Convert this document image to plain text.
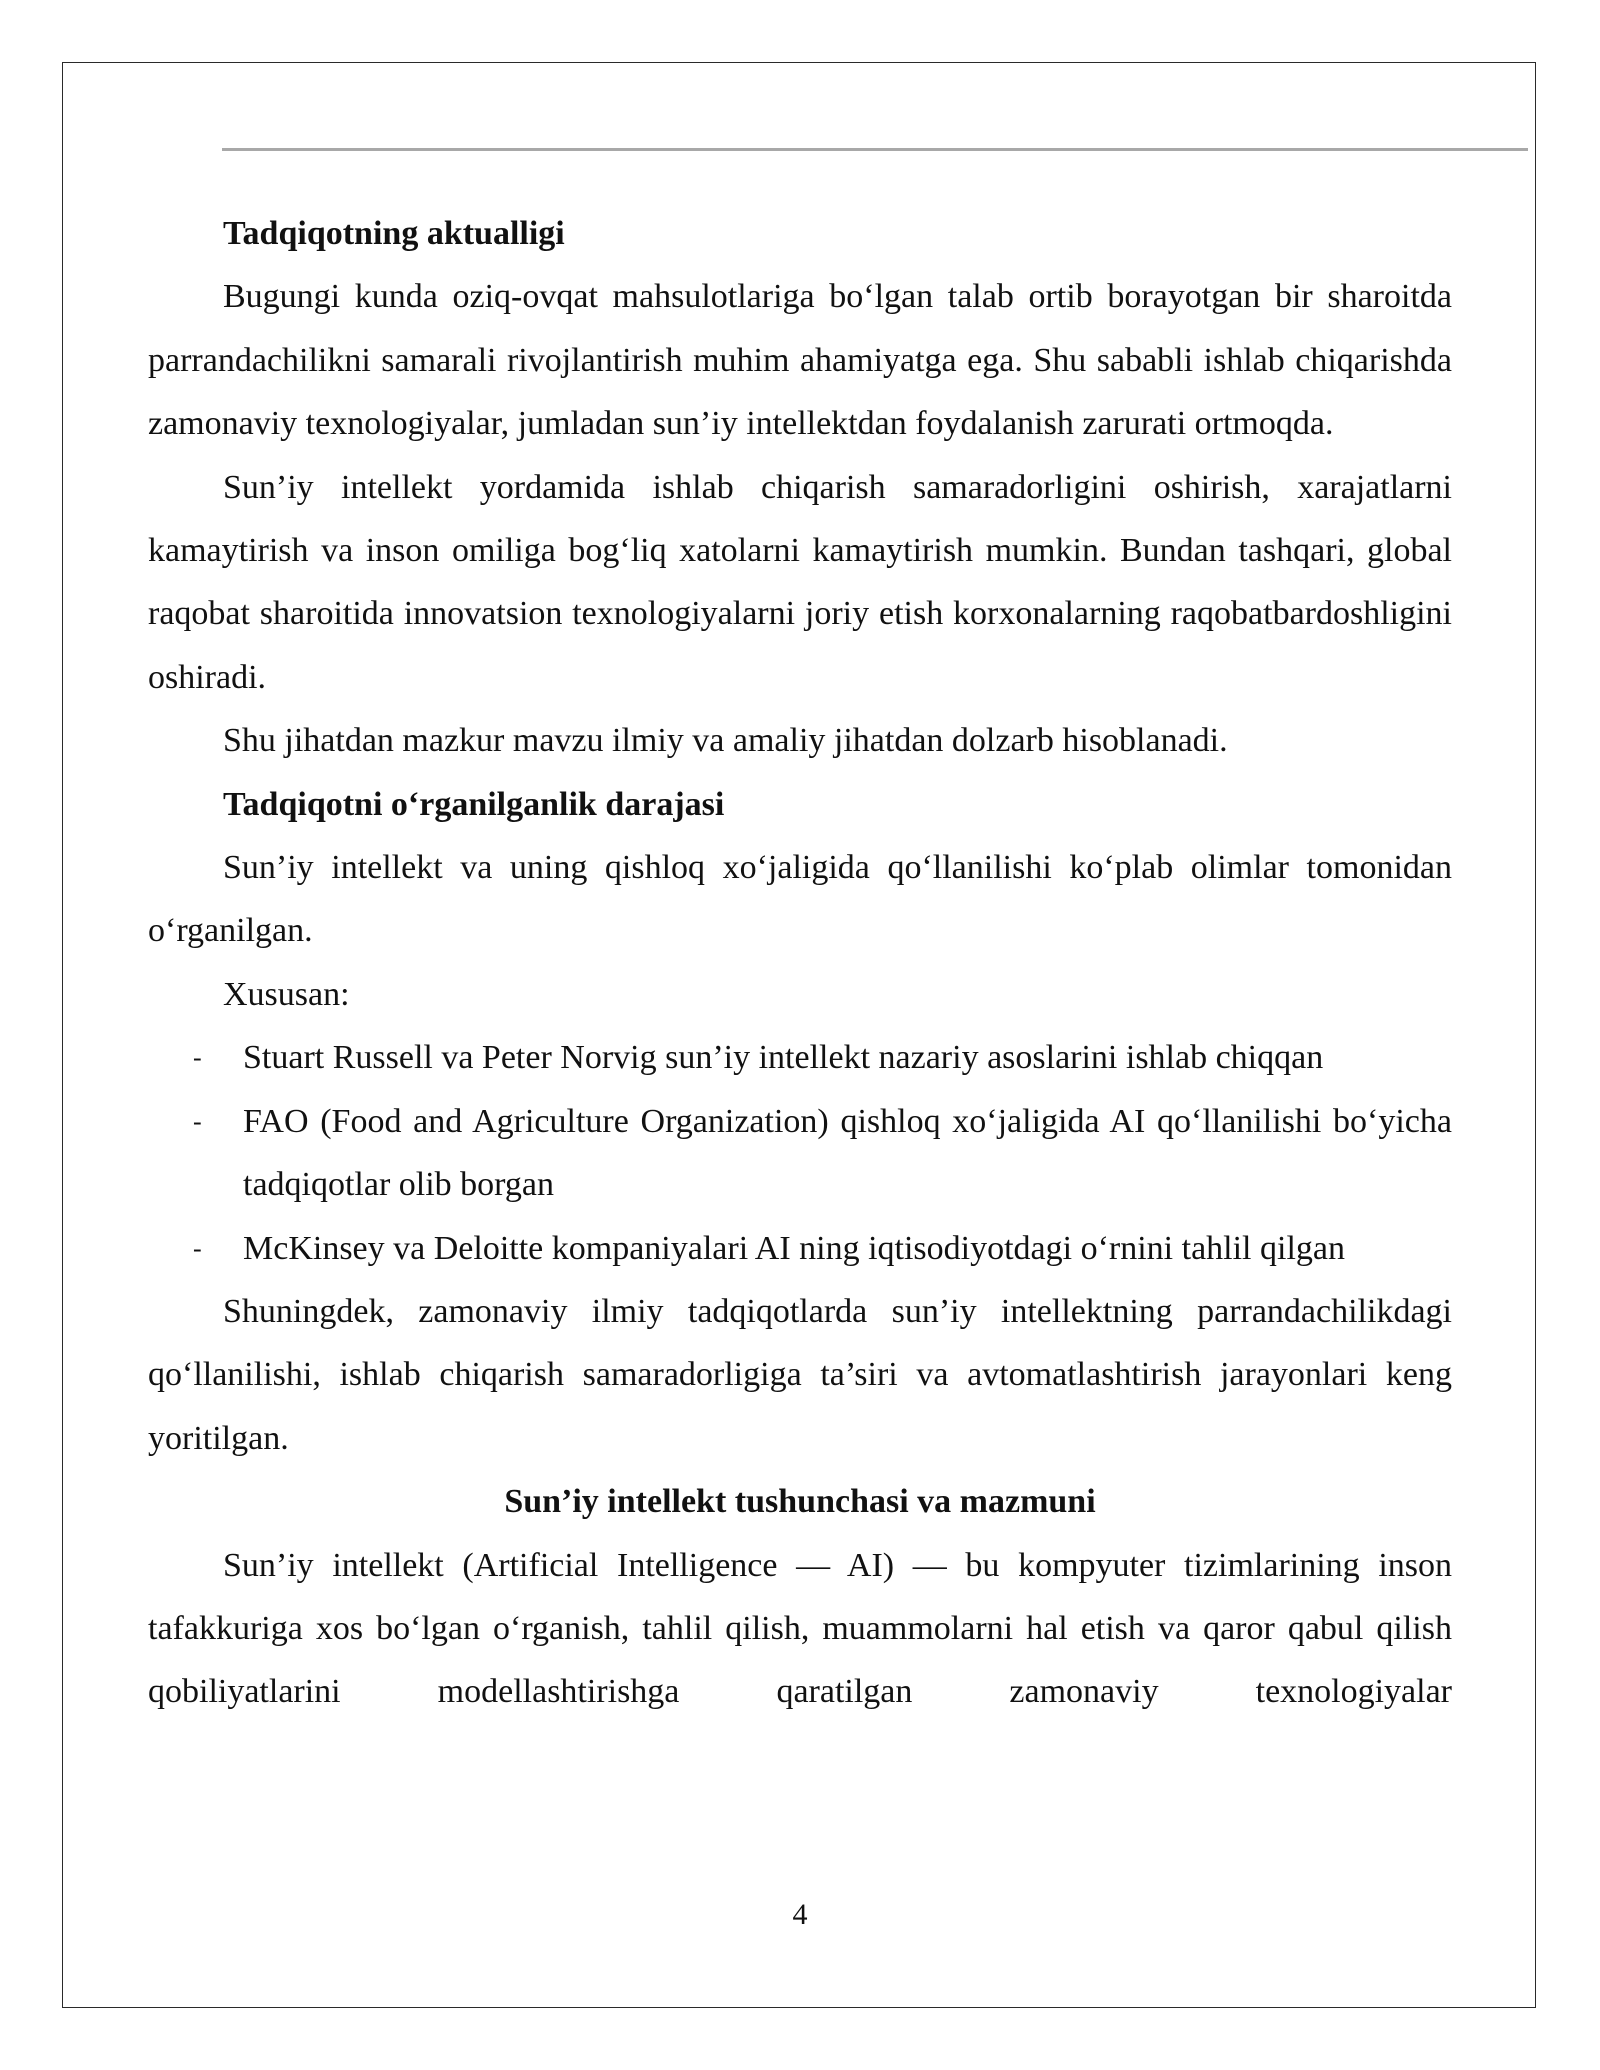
Tadqiqotning aktualligi

Bugungi kunda oziq-ovqat mahsulotlariga bo‘lgan talab ortib borayotgan bir sharoitda parrandachilikni samarali rivojlantirish muhim ahamiyatga ega. Shu sababli ishlab chiqarishda zamonaviy texnologiyalar, jumladan sun’iy intellektdan foydalanish zarurati ortmoqda.

Sun’iy intellekt yordamida ishlab chiqarish samaradorligini oshirish, xarajatlarni kamaytirish va inson omiliga bog‘liq xatolarni kamaytirish mumkin. Bundan tashqari, global raqobat sharoitida innovatsion texnologiyalarni joriy etish korxonalarning raqobatbardoshligini oshiradi.

Shu jihatdan mazkur mavzu ilmiy va amaliy jihatdan dolzarb hisoblanadi.

Tadqiqotni o‘rganilganlik darajasi

Sun’iy intellekt va uning qishloq xo‘jaligida qo‘llanilishi ko‘plab olimlar tomonidan o‘rganilgan.

Xususan:

- Stuart Russell va Peter Norvig sun’iy intellekt nazariy asoslarini ishlab chiqqan
- FAO (Food and Agriculture Organization) qishloq xo‘jaligida AI qo‘llanilishi bo‘yicha tadqiqotlar olib borgan
- McKinsey va Deloitte kompaniyalari AI ning iqtisodiyotdagi o‘rnini tahlil qilgan

Shuningdek, zamonaviy ilmiy tadqiqotlarda sun’iy intellektning parrandachilikdagi qo‘llanilishi, ishlab chiqarish samaradorligiga ta’siri va avtomatlashtirish jarayonlari keng yoritilgan.

Sun’iy intellekt tushunchasi va mazmuni

Sun’iy intellekt (Artificial Intelligence — AI) — bu kompyuter tizimlarining inson tafakkuriga xos bo‘lgan o‘rganish, tahlil qilish, muammolarni hal etish va qaror qabul qilish qobiliyatlarini modellashtirishga qaratilgan zamonaviy texnologiyalar

4
